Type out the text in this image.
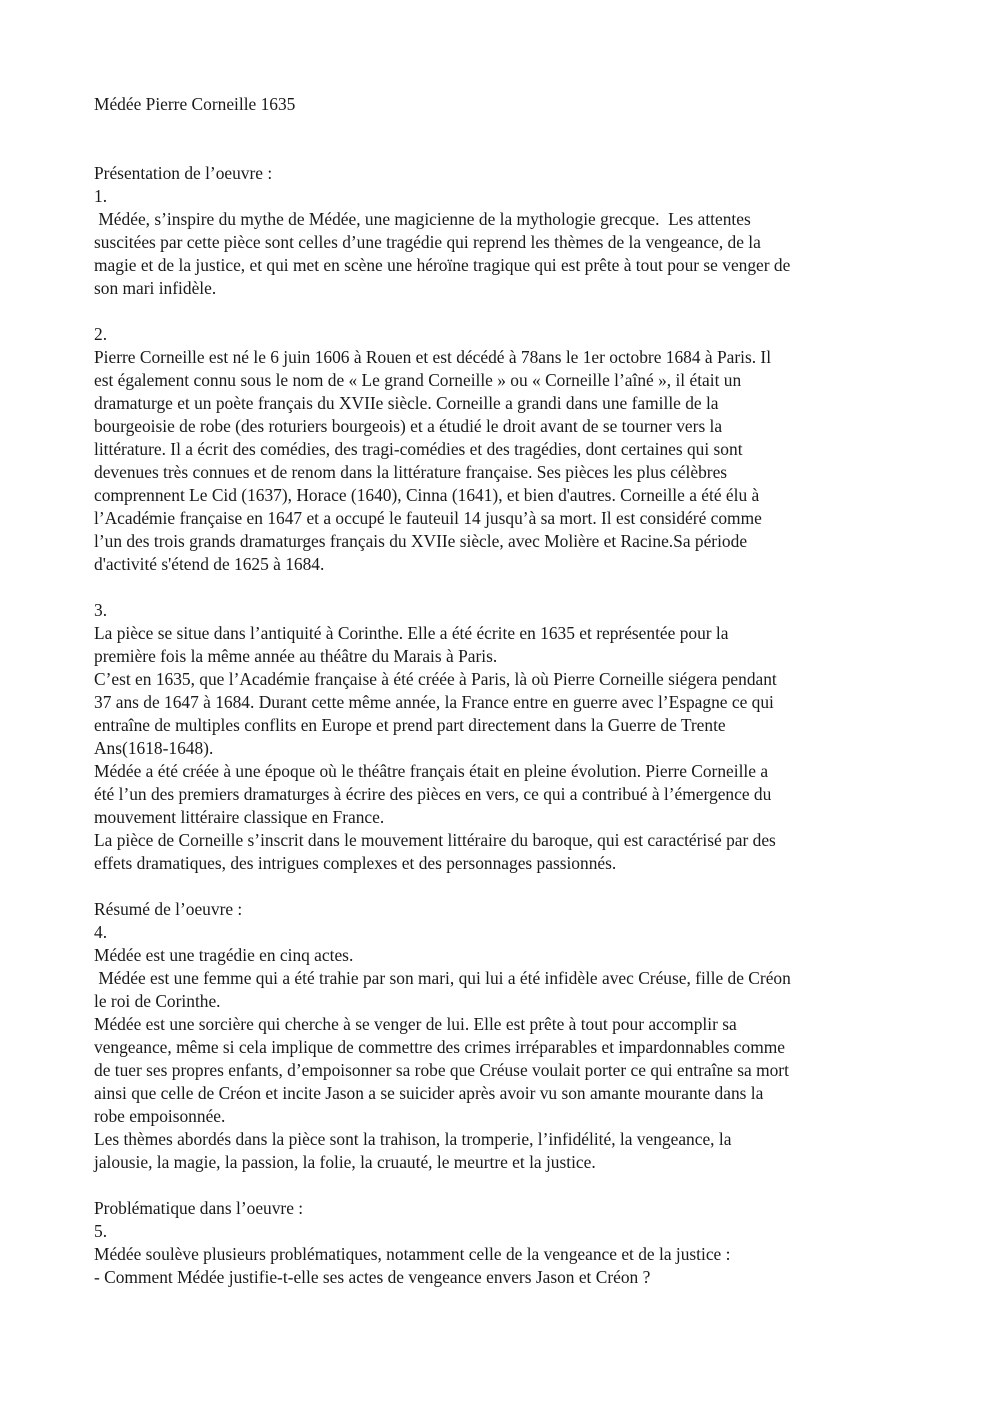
Médée Pierre Corneille 1635
Présentation de l’oeuvre :
1.
Médée, s’inspire du mythe de Médée, une magicienne de la mythologie grecque.  Les attentes
suscitées par cette pièce sont celles d’une tragédie qui reprend les thèmes de la vengeance, de la
magie et de la justice, et qui met en scène une héroïne tragique qui est prête à tout pour se venger de
son mari infidèle.
2.
Pierre Corneille est né le 6 juin 1606 à Rouen et est décédé à 78ans le 1er octobre 1684 à Paris. Il
est également connu sous le nom de « Le grand Corneille » ou « Corneille l’aîné », il était un
dramaturge et un poète français du XVIIe siècle. Corneille a grandi dans une famille de la
bourgeoisie de robe (des roturiers bourgeois) et a étudié le droit avant de se tourner vers la
littérature. Il a écrit des comédies, des tragi-comédies et des tragédies, dont certaines qui sont
devenues très connues et de renom dans la littérature française. Ses pièces les plus célèbres
comprennent Le Cid (1637), Horace (1640), Cinna (1641), et bien d'autres. Corneille a été élu à
l’Académie française en 1647 et a occupé le fauteuil 14 jusqu’à sa mort. Il est considéré comme
l’un des trois grands dramaturges français du XVIIe siècle, avec Molière et Racine.Sa période
d'activité s'étend de 1625 à 1684.
3.
La pièce se situe dans l’antiquité à Corinthe. Elle a été écrite en 1635 et représentée pour la
première fois la même année au théâtre du Marais à Paris.
C’est en 1635, que l’Académie française à été créée à Paris, là où Pierre Corneille siégera pendant
37 ans de 1647 à 1684. Durant cette même année, la France entre en guerre avec l’Espagne ce qui
entraîne de multiples conflits en Europe et prend part directement dans la Guerre de Trente
Ans(1618-1648).
Médée a été créée à une époque où le théâtre français était en pleine évolution. Pierre Corneille a
été l’un des premiers dramaturges à écrire des pièces en vers, ce qui a contribué à l’émergence du
mouvement littéraire classique en France.
La pièce de Corneille s’inscrit dans le mouvement littéraire du baroque, qui est caractérisé par des
effets dramatiques, des intrigues complexes et des personnages passionnés.
Résumé de l’oeuvre :
4.
Médée est une tragédie en cinq actes.
Médée est une femme qui a été trahie par son mari, qui lui a été infidèle avec Créuse, fille de Créon
le roi de Corinthe.
Médée est une sorcière qui cherche à se venger de lui. Elle est prête à tout pour accomplir sa
vengeance, même si cela implique de commettre des crimes irréparables et impardonnables comme
de tuer ses propres enfants, d’empoisonner sa robe que Créuse voulait porter ce qui entraîne sa mort
ainsi que celle de Créon et incite Jason a se suicider après avoir vu son amante mourante dans la
robe empoisonnée.
Les thèmes abordés dans la pièce sont la trahison, la tromperie, l’infidélité, la vengeance, la
jalousie, la magie, la passion, la folie, la cruauté, le meurtre et la justice.
Problématique dans l’oeuvre :
5.
Médée soulève plusieurs problématiques, notamment celle de la vengeance et de la justice :
- Comment Médée justifie-t-elle ses actes de vengeance envers Jason et Créon ?
